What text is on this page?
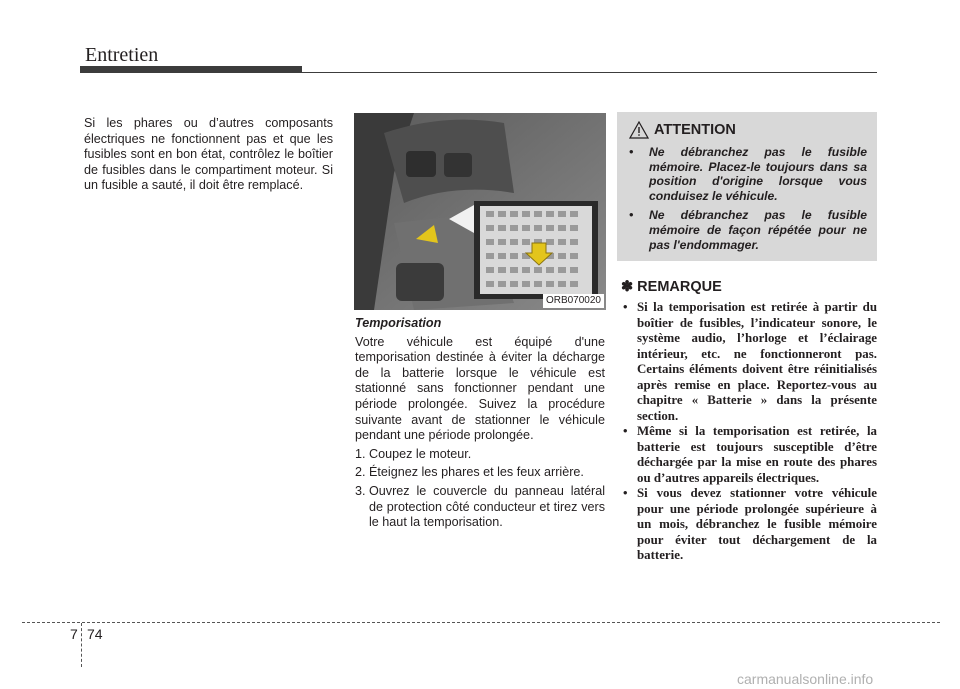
Entretien
Si les phares ou d’autres composants électriques ne fonctionnent pas et que les fusibles sont en bon état, contrôlez le boîtier de fusibles dans le compartiment moteur. Si un fusible a sauté, il doit être remplacé.
ORB070020
Temporisation
Votre véhicule est équipé d'une temporisation destinée à éviter la décharge de la batterie lorsque le véhicule est stationné sans fonctionner pendant une période prolongée. Suivez la procédure suivante avant de stationner le véhicule pendant une période prolongée.
1. Coupez le moteur.
2. Éteignez les phares et les feux arrière.
3. Ouvrez le couvercle du panneau latéral de protection côté conducteur et tirez vers le haut la temporisation.
ATTENTION
• Ne débranchez pas le fusible mémoire. Placez-le toujours dans sa position d'origine lorsque vous conduisez le véhicule.
• Ne débranchez pas le fusible mémoire de façon répétée pour ne pas l'endommager.
✽ REMARQUE
• Si la temporisation est retirée à partir du boîtier de fusibles, l’indicateur sonore, le système audio, l’horloge et l’éclairage intérieur, etc. ne fonctionneront pas. Certains éléments doivent être réinitialisés après remise en place. Reportez-vous au chapitre « Batterie » dans la présente section.
• Même si la temporisation est retirée, la batterie est toujours susceptible d’être déchargée par la mise en route des phares ou d’autres appareils électriques.
• Si vous devez stationner votre véhicule pour une période prolongée supérieure à un mois, débranchez le fusible mémoire pour éviter tout déchargement de la batterie.
7 74
carmanualsonline.info
